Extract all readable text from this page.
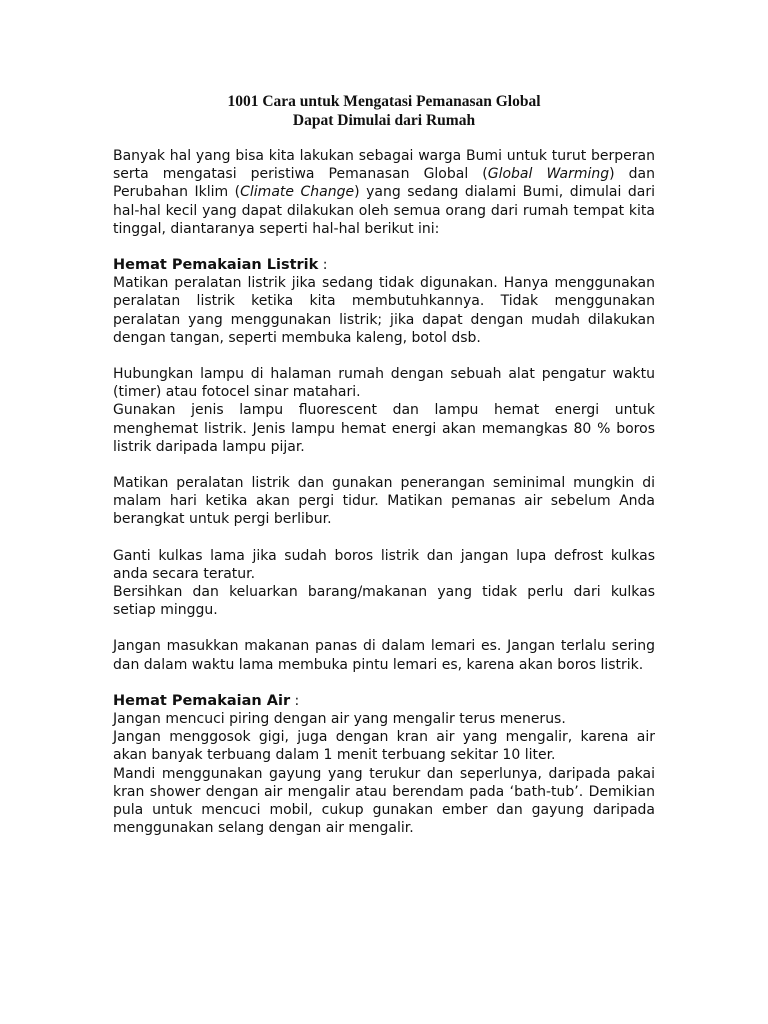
1001 Cara untuk Mengatasi Pemanasan Global
Dapat Dimulai dari Rumah

Banyak hal yang bisa kita lakukan sebagai warga Bumi untuk turut berperan serta mengatasi peristiwa Pemanasan Global (Global Warming) dan Perubahan Iklim (Climate Change) yang sedang dialami Bumi, dimulai dari hal-hal kecil yang dapat dilakukan oleh semua orang dari rumah tempat kita tinggal, diantaranya seperti hal-hal berikut ini:

Hemat Pemakaian Listrik :

Matikan peralatan listrik jika sedang tidak digunakan. Hanya menggunakan peralatan listrik ketika kita membutuhkannya. Tidak menggunakan peralatan yang menggunakan listrik; jika dapat dengan mudah dilakukan dengan tangan, seperti membuka kaleng, botol dsb.

Hubungkan lampu di halaman rumah dengan sebuah alat pengatur waktu (timer) atau fotocel sinar matahari.

Gunakan jenis lampu fluorescent dan lampu hemat energi untuk menghemat listrik. Jenis lampu hemat energi akan memangkas 80 % boros listrik daripada lampu pijar.

Matikan peralatan listrik dan gunakan penerangan seminimal mungkin di malam hari ketika akan pergi tidur. Matikan pemanas air sebelum Anda berangkat untuk pergi berlibur.

Ganti kulkas lama jika sudah boros listrik dan jangan lupa defrost kulkas anda secara teratur.

Bersihkan dan keluarkan barang/makanan yang tidak perlu dari kulkas setiap minggu.

Jangan masukkan makanan panas di dalam lemari es. Jangan terlalu sering dan dalam waktu lama membuka pintu lemari es, karena akan boros listrik.

Hemat Pemakaian Air :

Jangan mencuci piring dengan air yang mengalir terus menerus.

Jangan menggosok gigi, juga dengan kran air yang mengalir, karena air akan banyak terbuang dalam 1 menit terbuang sekitar 10 liter.

Mandi menggunakan gayung yang terukur dan seperlunya, daripada pakai kran shower dengan air mengalir atau berendam pada ‘bath-tub’. Demikian pula untuk mencuci mobil, cukup gunakan ember dan gayung daripada menggunakan selang dengan air mengalir.
